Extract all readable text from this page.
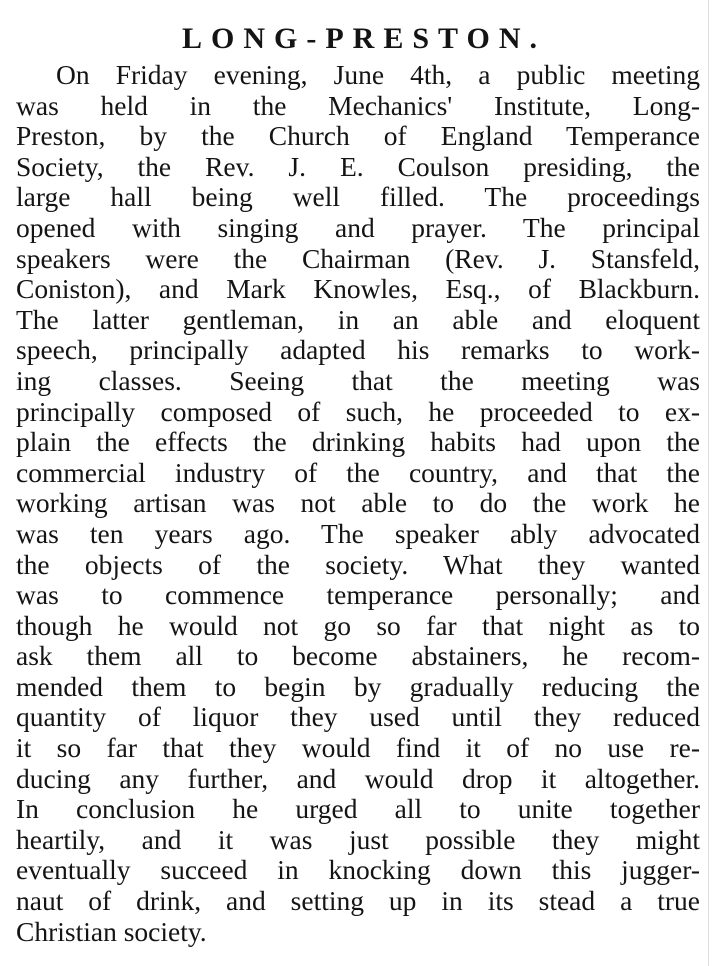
LONG-PRESTON.
On Friday evening, June 4th, a public meeting
was held in the Mechanics' Institute, Long-
Preston, by the Church of England Temperance
Society, the Rev. J. E. Coulson presiding, the
large hall being well filled. The proceedings
opened with singing and prayer. The principal
speakers were the Chairman (Rev. J. Stansfeld,
Coniston), and Mark Knowles, Esq., of Blackburn.
The latter gentleman, in an able and eloquent
speech, principally adapted his remarks to work-
ing classes. Seeing that the meeting was
principally composed of such, he proceeded to ex-
plain the effects the drinking habits had upon the
commercial industry of the country, and that the
working artisan was not able to do the work he
was ten years ago. The speaker ably advocated
the objects of the society. What they wanted
was to commence temperance personally; and
though he would not go so far that night as to
ask them all to become abstainers, he recom-
mended them to begin by gradually reducing the
quantity of liquor they used until they reduced
it so far that they would find it of no use re-
ducing any further, and would drop it altogether.
In conclusion he urged all to unite together
heartily, and it was just possible they might
eventually succeed in knocking down this jugger-
naut of drink, and setting up in its stead a true
Christian society.
